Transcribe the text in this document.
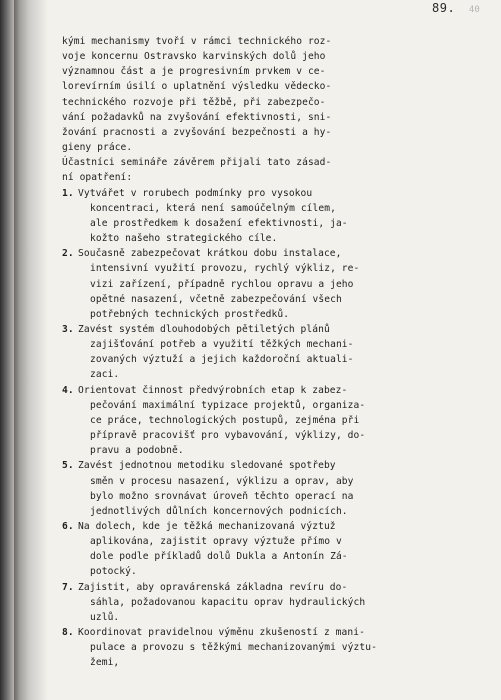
89. 40
kými mechanismy tvoří v rámci technického roz-
voje koncernu Ostravsko karvinských dolů jeho
významnou část a je progresivním prvkem v ce-
lorevírním úsilí o uplatnění výsledku vědecko-
technického rozvoje při těžbě, při zabezpečo-
vání požadavků na zvyšování efektivnosti, sni-
žování pracnosti a zvyšování bezpečnosti a hy-
gieny práce.
Účastníci semináře závěrem přijali tato zásad-
ní opatření:
1. Vytvářet v rorubech podmínky pro vysokou
koncentraci, která není samoúčelným cílem,
ale prostředkem k dosažení efektivnosti, ja-
kožto našeho strategického cíle.
2. Současně zabezpečovat krátkou dobu instalace,
intensivní využití provozu, rychlý výkliz, re-
vizi zařízení, případně rychlou opravu a jeho
opětné nasazení, včetně zabezpečování všech
potřebných technických prostředků.
3. Zavést systém dlouhodobých pětiletých plánů
zajišťování potřeb a využití těžkých mechani-
zovaných výztuží a jejich každoroční aktuali-
zaci.
4. Orientovat činnost předvýrobních etap k zabez-
pečování maximální typizace projektů, organiza-
ce práce, technologických postupů, zejména při
přípravě pracovišť pro vybavování, výklizy, do-
pravu a podobně.
5. Zavést jednotnou metodiku sledované spotřeby
směn v procesu nasazení, výklizu a oprav, aby
bylo možno srovnávat úroveň těchto operací na
jednotlivých důlních koncernových podnicích.
6. Na dolech, kde je těžká mechanizovaná výztuž
aplikována, zajistit opravy výztuže přímo v
dole podle příkladů dolů Dukla a Antonín Zá-
potocký.
7. Zajistit, aby opravárenská základna revíru do-
sáhla, požadovanou kapacitu oprav hydraulických
uzlů.
8. Koordinovat pravidelnou výměnu zkušeností z mani-
pulace a provozu s těžkými mechanizovanými výztu-
žemi,
